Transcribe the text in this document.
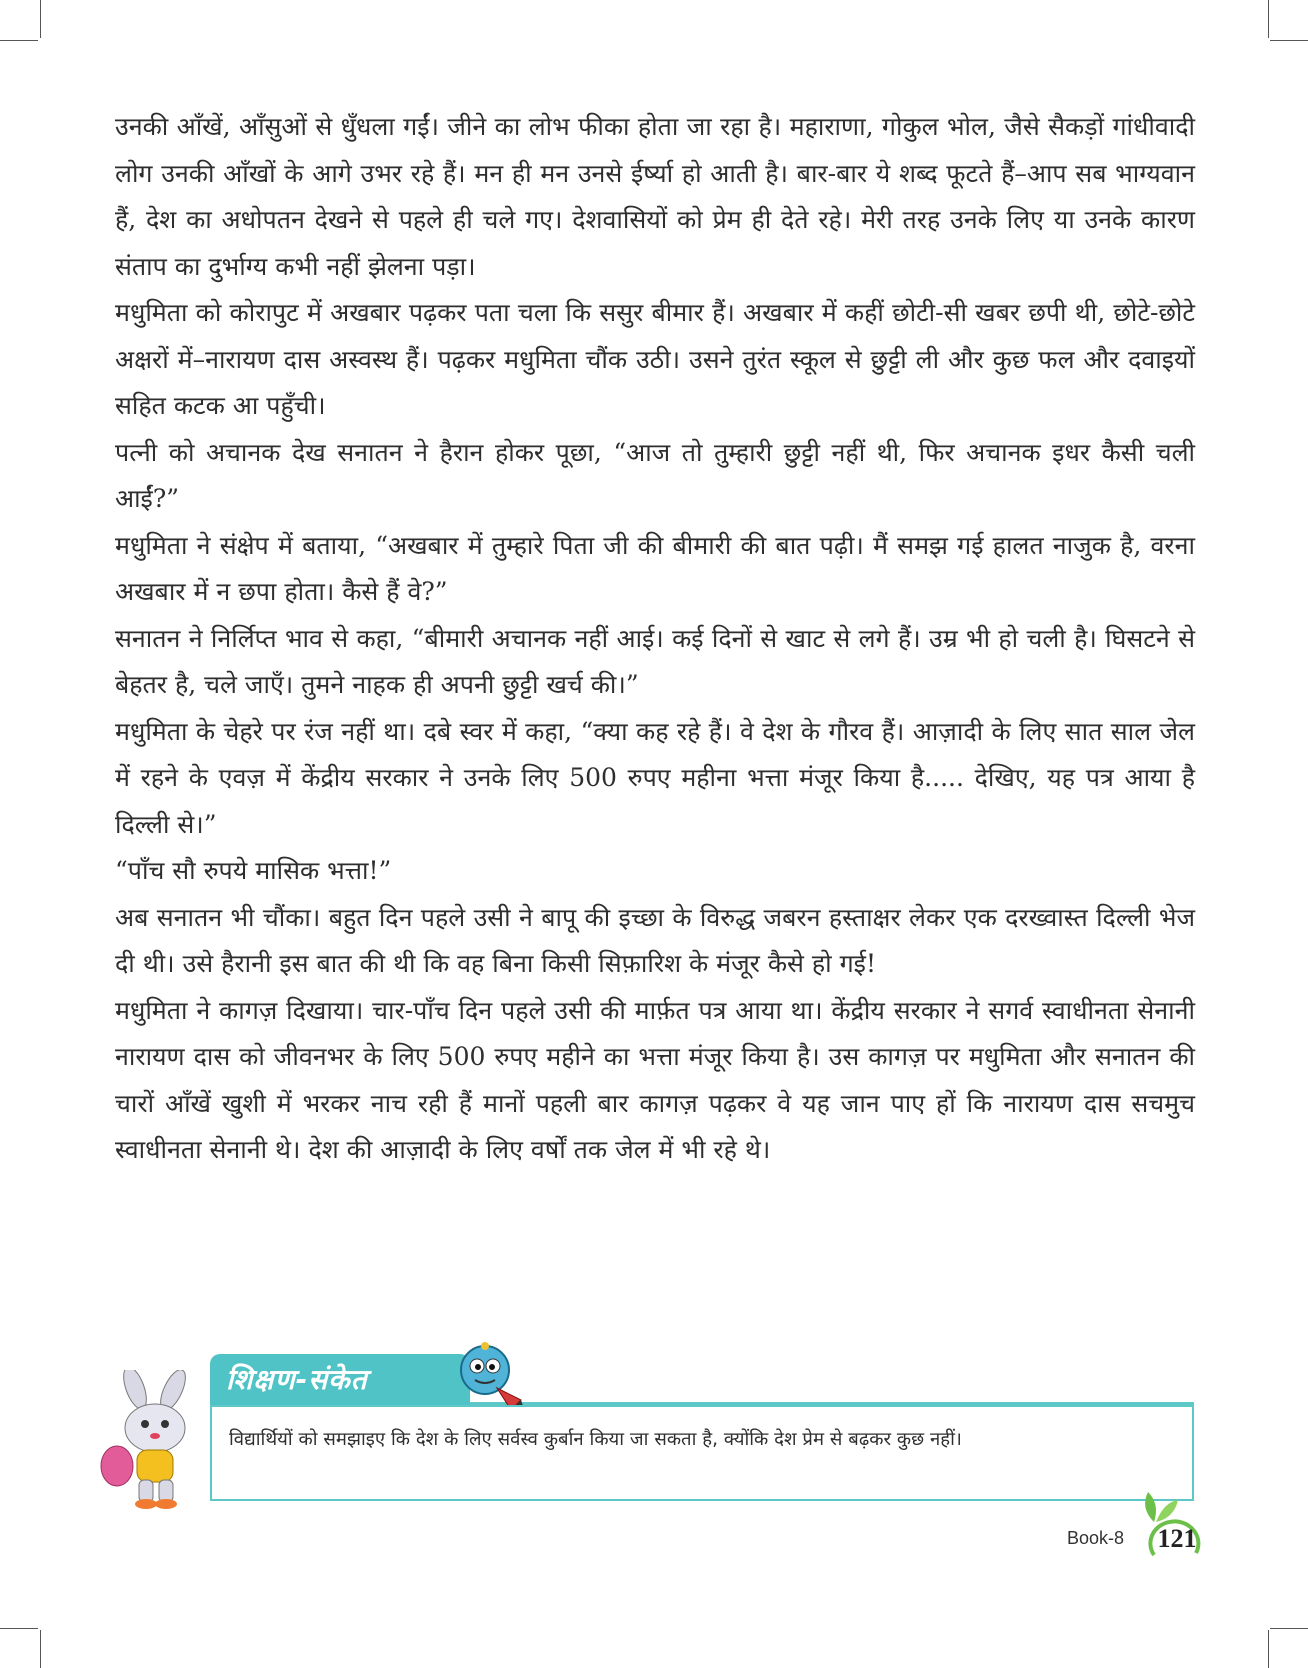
उनकी आँखें, आँसुओं से धुँधला गईं। जीने का लोभ फीका होता जा रहा है। महाराणा, गोकुल भोल, जैसे सैकड़ों गांधीवादी लोग उनकी आँखों के आगे उभर रहे हैं। मन ही मन उनसे ईर्ष्या हो आती है। बार-बार ये शब्द फूटते हैं–आप सब भाग्यवान हैं, देश का अधोपतन देखने से पहले ही चले गए। देशवासियों को प्रेम ही देते रहे। मेरी तरह उनके लिए या उनके कारण संताप का दुर्भाग्य कभी नहीं झेलना पड़ा।

मधुमिता को कोरापुट में अखबार पढ़कर पता चला कि ससुर बीमार हैं। अखबार में कहीं छोटी-सी खबर छपी थी, छोटे-छोटे अक्षरों में–नारायण दास अस्वस्थ हैं। पढ़कर मधुमिता चौंक उठी। उसने तुरंत स्कूल से छुट्टी ली और कुछ फल और दवाइयों सहित कटक आ पहुँची।

पत्नी को अचानक देख सनातन ने हैरान होकर पूछा, “आज तो तुम्हारी छुट्टी नहीं थी, फिर अचानक इधर कैसी चली आईं?”

मधुमिता ने संक्षेप में बताया, “अखबार में तुम्हारे पिता जी की बीमारी की बात पढ़ी। मैं समझ गई हालत नाजुक है, वरना अखबार में न छपा होता। कैसे हैं वे?”

सनातन ने निर्लिप्त भाव से कहा, “बीमारी अचानक नहीं आई। कई दिनों से खाट से लगे हैं। उम्र भी हो चली है। घिसटने से बेहतर है, चले जाएँ। तुमने नाहक ही अपनी छुट्टी खर्च की।”

मधुमिता के चेहरे पर रंज नहीं था। दबे स्वर में कहा, “क्या कह रहे हैं। वे देश के गौरव हैं। आज़ादी के लिए सात साल जेल में रहने के एवज़ में केंद्रीय सरकार ने उनके लिए 500 रुपए महीना भत्ता मंजूर किया है..... देखिए, यह पत्र आया है दिल्ली से।”

“पाँच सौ रुपये मासिक भत्ता!”

अब सनातन भी चौंका। बहुत दिन पहले उसी ने बापू की इच्छा के विरुद्ध जबरन हस्ताक्षर लेकर एक दरख्वास्त दिल्ली भेज दी थी। उसे हैरानी इस बात की थी कि वह बिना किसी सिफ़ारिश के मंजूर कैसे हो गई!

मधुमिता ने कागज़ दिखाया। चार-पाँच दिन पहले उसी की मार्फ़त पत्र आया था। केंद्रीय सरकार ने सगर्व स्वाधीनता सेनानी नारायण दास को जीवनभर के लिए 500 रुपए महीने का भत्ता मंजूर किया है। उस कागज़ पर मधुमिता और सनातन की चारों आँखें खुशी में भरकर नाच रही हैं मानों पहली बार कागज़ पढ़कर वे यह जान पाए हों कि नारायण दास सचमुच स्वाधीनता सेनानी थे। देश की आज़ादी के लिए वर्षों तक जेल में भी रहे थे।

शिक्षण-संकेत
विद्यार्थियों को समझाइए कि देश के लिए सर्वस्व कुर्बान किया जा सकता है, क्योंकि देश प्रेम से बढ़कर कुछ नहीं।
Book-8 121
